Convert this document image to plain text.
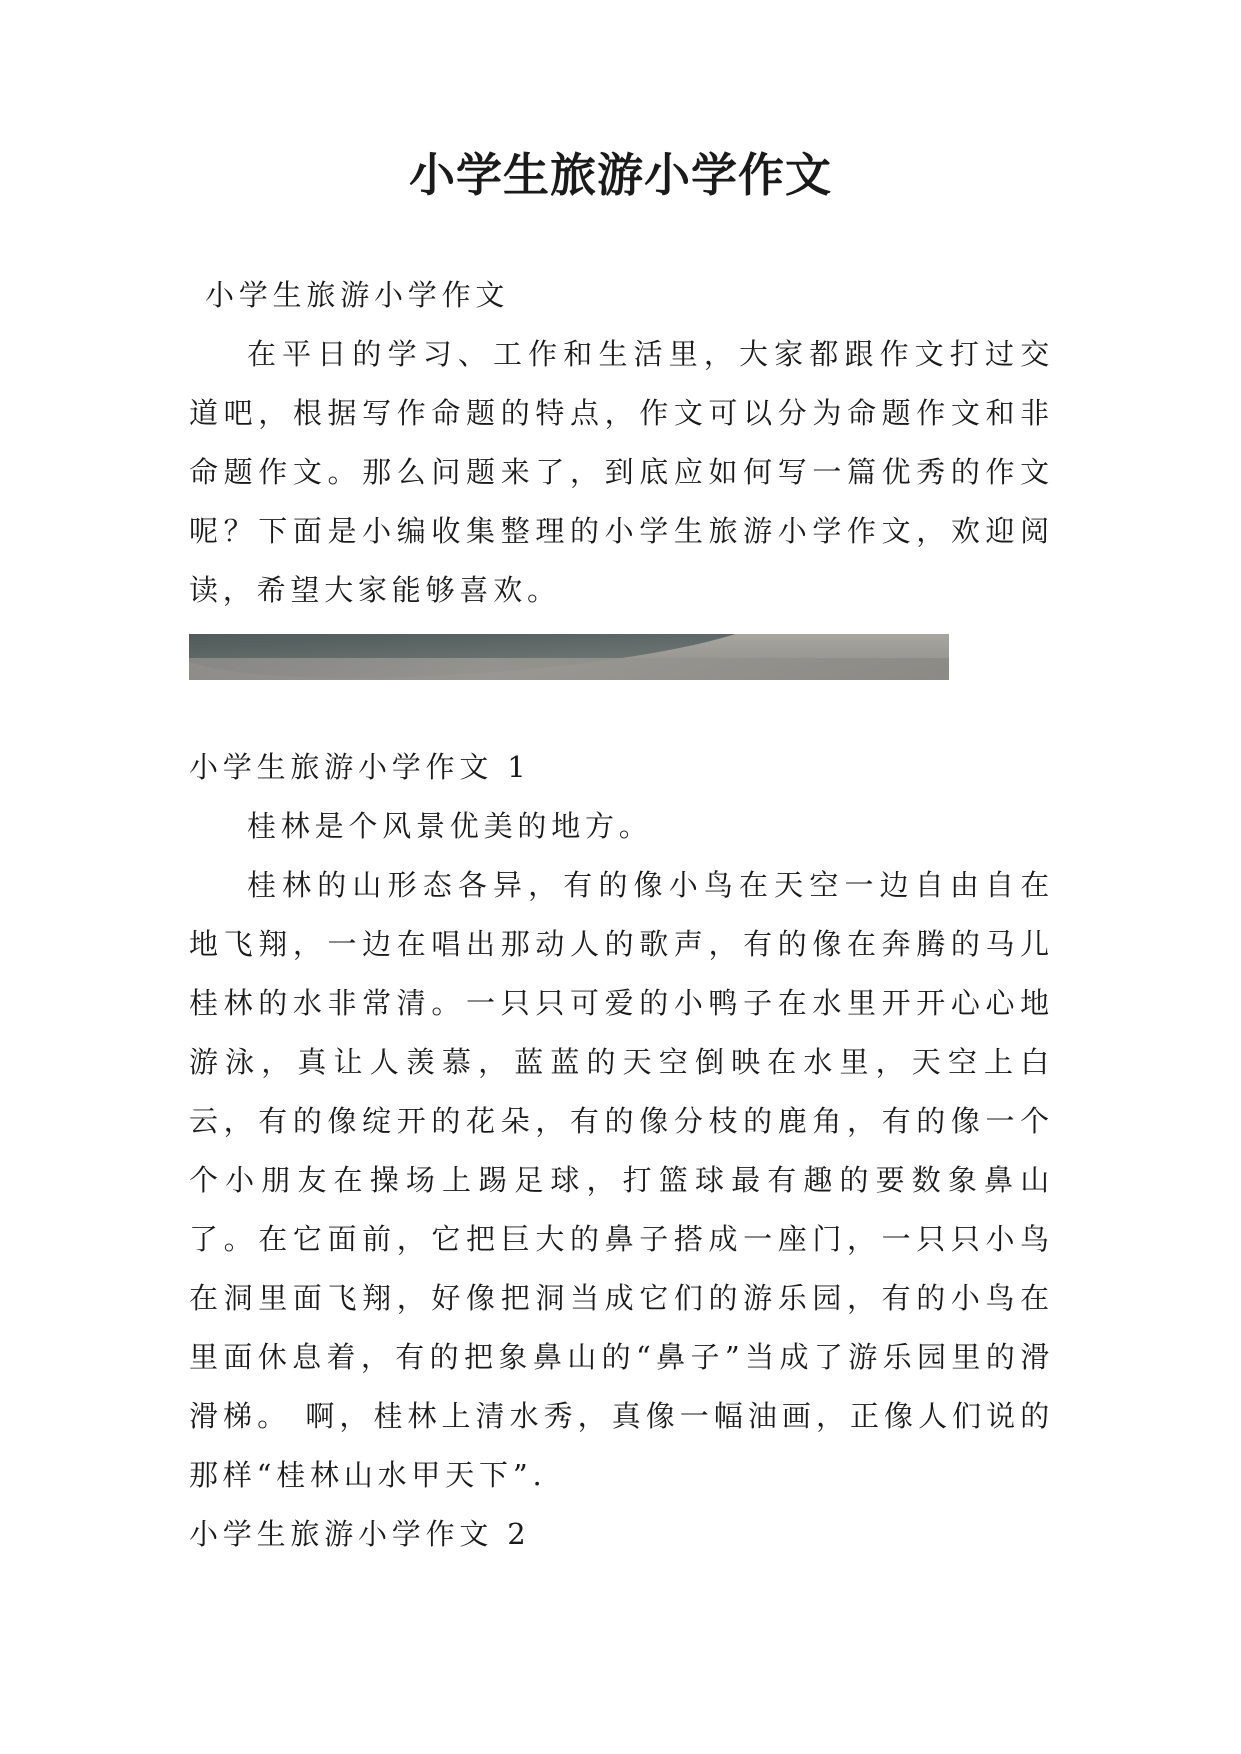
小学生旅游小学作文

小学生旅游小学作文

在平日的学习、工作和生活里，大家都跟作文打过交道吧，根据写作命题的特点，作文可以分为命题作文和非命题作文。那么问题来了，到底应如何写一篇优秀的作文呢？下面是小编收集整理的小学生旅游小学作文，欢迎阅读，希望大家能够喜欢。

小学生旅游小学作文 1

桂林是个风景优美的地方。

桂林的山形态各异，有的像小鸟在天空一边自由自在地飞翔，一边在唱出那动人的歌声，有的像在奔腾的马儿桂林的水非常清。一只只可爱的小鸭子在水里开开心心地游泳，真让人羡慕，蓝蓝的天空倒映在水里，天空上白云，有的像绽开的花朵，有的像分枝的鹿角，有的像一个个小朋友在操场上踢足球，打篮球最有趣的要数象鼻山了。在它面前，它把巨大的鼻子搭成一座门，一只只小鸟在洞里面飞翔，好像把洞当成它们的游乐园，有的小鸟在里面休息着，有的把象鼻山的“鼻子”当成了游乐园里的滑滑梯。 啊，桂林上清水秀，真像一幅油画，正像人们说的那样“桂林山水甲天下”.

小学生旅游小学作文 2
